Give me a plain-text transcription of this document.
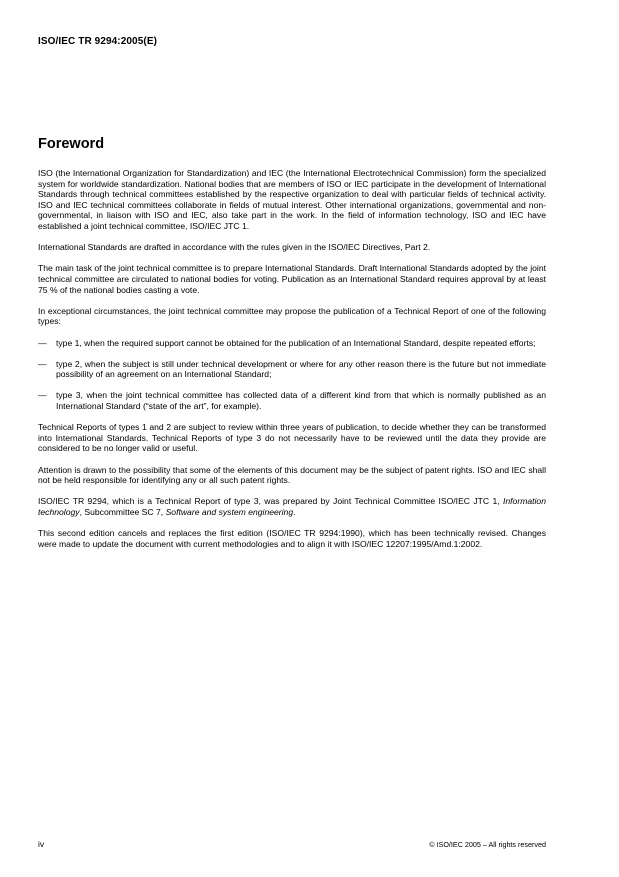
ISO/IEC TR 9294:2005(E)
Foreword

ISO (the International Organization for Standardization) and IEC (the International Electrotechnical Commission) form the specialized system for worldwide standardization. National bodies that are members of ISO or IEC participate in the development of International Standards through technical committees established by the respective organization to deal with particular fields of technical activity. ISO and IEC technical committees collaborate in fields of mutual interest. Other international organizations, governmental and non-governmental, in liaison with ISO and IEC, also take part in the work. In the field of information technology, ISO and IEC have established a joint technical committee, ISO/IEC JTC 1.

International Standards are drafted in accordance with the rules given in the ISO/IEC Directives, Part 2.

The main task of the joint technical committee is to prepare International Standards. Draft International Standards adopted by the joint technical committee are circulated to national bodies for voting. Publication as an International Standard requires approval by at least 75 % of the national bodies casting a vote.

In exceptional circumstances, the joint technical committee may propose the publication of a Technical Report of one of the following types:

—	type 1, when the required support cannot be obtained for the publication of an International Standard, despite repeated efforts;
—	type 2, when the subject is still under technical development or where for any other reason there is the future but not immediate possibility of an agreement on an International Standard;
—	type 3, when the joint technical committee has collected data of a different kind from that which is normally published as an International Standard (“state of the art”, for example).

Technical Reports of types 1 and 2 are subject to review within three years of publication, to decide whether they can be transformed into International Standards. Technical Reports of type 3 do not necessarily have to be reviewed until the data they provide are considered to be no longer valid or useful.

Attention is drawn to the possibility that some of the elements of this document may be the subject of patent rights. ISO and IEC shall not be held responsible for identifying any or all such patent rights.

ISO/IEC TR 9294, which is a Technical Report of type 3, was prepared by Joint Technical Committee ISO/IEC JTC 1, Information technology, Subcommittee SC 7, Software and system engineering.

This second edition cancels and replaces the first edition (ISO/IEC TR 9294:1990), which has been technically revised. Changes were made to update the document with current methodologies and to align it with ISO/IEC 12207:1995/Amd.1:2002.

iv	© ISO/IEC 2005 – All rights reserved
